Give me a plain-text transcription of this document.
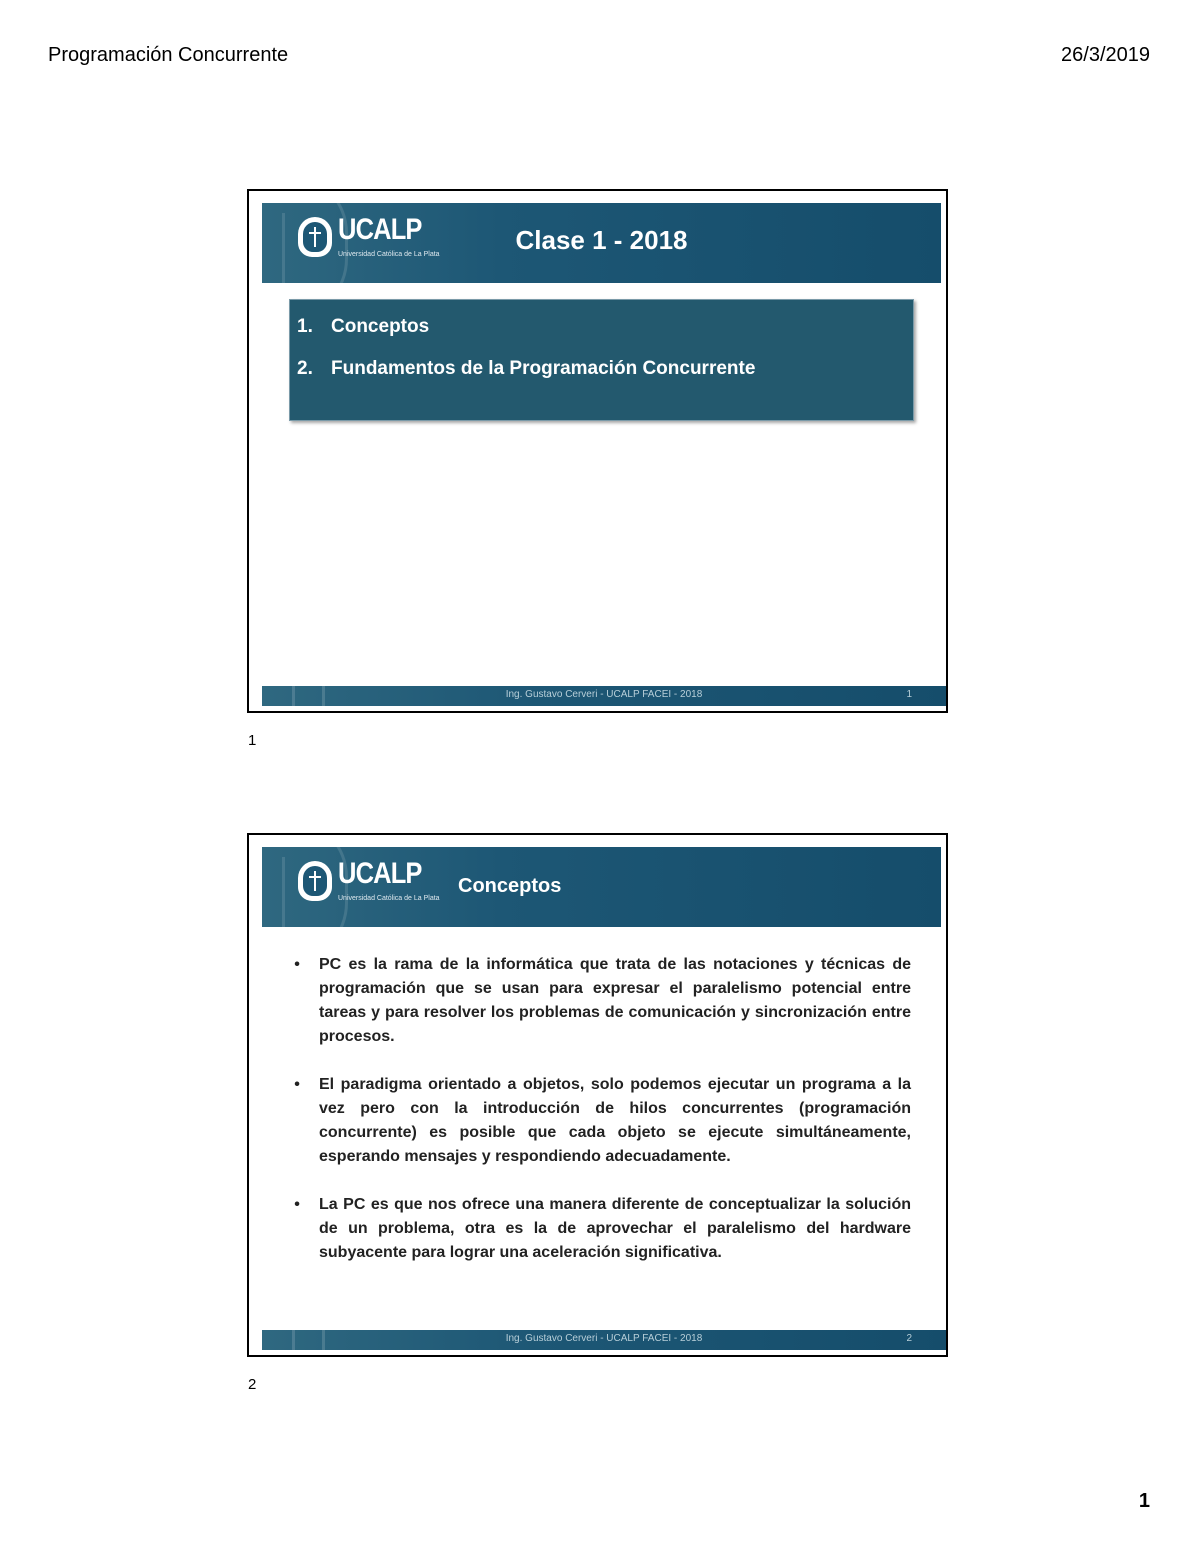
Programación Concurrente	26/3/2019
UCALP
Universidad Católica de La Plata	Clase 1 - 2018
1. Conceptos
2. Fundamentos de la Programación Concurrente
Ing. Gustavo Cerveri - UCALP FACEI - 2018	1
1
UCALP
Universidad Católica de La Plata
Conceptos
• PC es la rama de la informática que trata de las notaciones y técnicas de programación que se usan para expresar el paralelismo potencial entre tareas y para resolver los problemas de comunicación y sincronización entre procesos.
• El paradigma orientado a objetos, solo podemos ejecutar un programa a la vez pero con la introducción de hilos concurrentes (programación concurrente) es posible que cada objeto se ejecute simultáneamente, esperando mensajes y respondiendo adecuadamente.
• La PC es que nos ofrece una manera diferente de conceptualizar la solución de un problema, otra es la de aprovechar el paralelismo del hardware subyacente para lograr una aceleración significativa.
Ing. Gustavo Cerveri - UCALP FACEI - 2018	2
2
1
